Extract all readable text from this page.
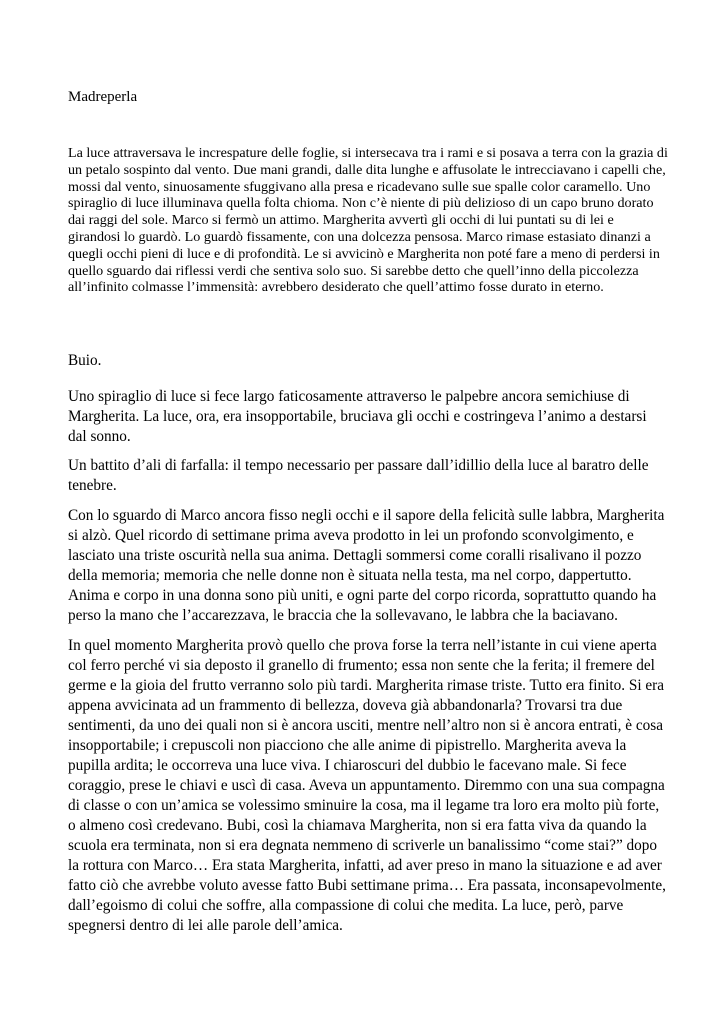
Madreperla

La luce attraversava le increspature delle foglie, si intersecava tra i rami e si posava a terra con la grazia di un petalo sospinto dal vento. Due mani grandi, dalle dita lunghe e affusolate le intrecciavano i capelli che, mossi dal vento, sinuosamente sfuggivano alla presa e ricadevano sulle sue spalle color caramello. Uno spiraglio di luce illuminava quella folta chioma. Non c’è niente di più delizioso di un capo bruno dorato dai raggi del sole. Marco si fermò un attimo. Margherita avvertì gli occhi di lui puntati su di lei e girandosi lo guardò. Lo guardò fissamente, con una dolcezza pensosa. Marco rimase estasiato dinanzi a quegli occhi pieni di luce e di profondità. Le si avvicinò e Margherita non poté fare a meno di perdersi in quello sguardo dai riflessi verdi che sentiva solo suo. Si sarebbe detto che quell’inno della piccolezza all’infinito colmasse l’immensità: avrebbero desiderato che quell’attimo fosse durato in eterno.

Buio.

Uno spiraglio di luce si fece largo faticosamente attraverso le palpebre ancora semichiuse di Margherita. La luce, ora, era insopportabile, bruciava gli occhi e costringeva l’animo a destarsi dal sonno.

Un battito d’ali di farfalla: il tempo necessario per passare dall’idillio della luce al baratro delle tenebre.

Con lo sguardo di Marco ancora fisso negli occhi e il sapore della felicità sulle labbra, Margherita si alzò. Quel ricordo di settimane prima aveva prodotto in lei un profondo sconvolgimento, e lasciato una triste oscurità nella sua anima. Dettagli sommersi come coralli risalivano il pozzo della memoria; memoria che nelle donne non è situata nella testa, ma nel corpo, dappertutto. Anima e corpo in una donna sono più uniti, e ogni parte del corpo ricorda, soprattutto quando ha perso la mano che l’accarezzava, le braccia che la sollevavano, le labbra che la baciavano.

In quel momento Margherita provò quello che prova forse la terra nell’istante in cui viene aperta col ferro perché vi sia deposto il granello di frumento; essa non sente che la ferita; il fremere del germe e la gioia del frutto verranno solo più tardi. Margherita rimase triste. Tutto era finito. Si era appena avvicinata ad un frammento di bellezza, doveva già abbandonarla? Trovarsi tra due sentimenti, da uno dei quali non si è ancora usciti, mentre nell’altro non si è ancora entrati, è cosa insopportabile; i crepuscoli non piacciono che alle anime di pipistrello. Margherita aveva la pupilla ardita; le occorreva una luce viva. I chiaroscuri del dubbio le facevano male. Si fece coraggio, prese le chiavi e uscì di casa. Aveva un appuntamento. Diremmo con una sua compagna di classe o con un’amica se volessimo sminuire la cosa, ma il legame tra loro era molto più forte, o almeno così credevano. Bubi, così la chiamava Margherita, non si era fatta viva da quando la scuola era terminata, non si era degnata nemmeno di scriverle un banalissimo “come stai?” dopo la rottura con Marco… Era stata Margherita, infatti, ad aver preso in mano la situazione e ad aver fatto ciò che avrebbe voluto avesse fatto Bubi settimane prima… Era passata, inconsapevolmente, dall’egoismo di colui che soffre, alla compassione di colui che medita. La luce, però, parve spegnersi dentro di lei alle parole dell’amica.
